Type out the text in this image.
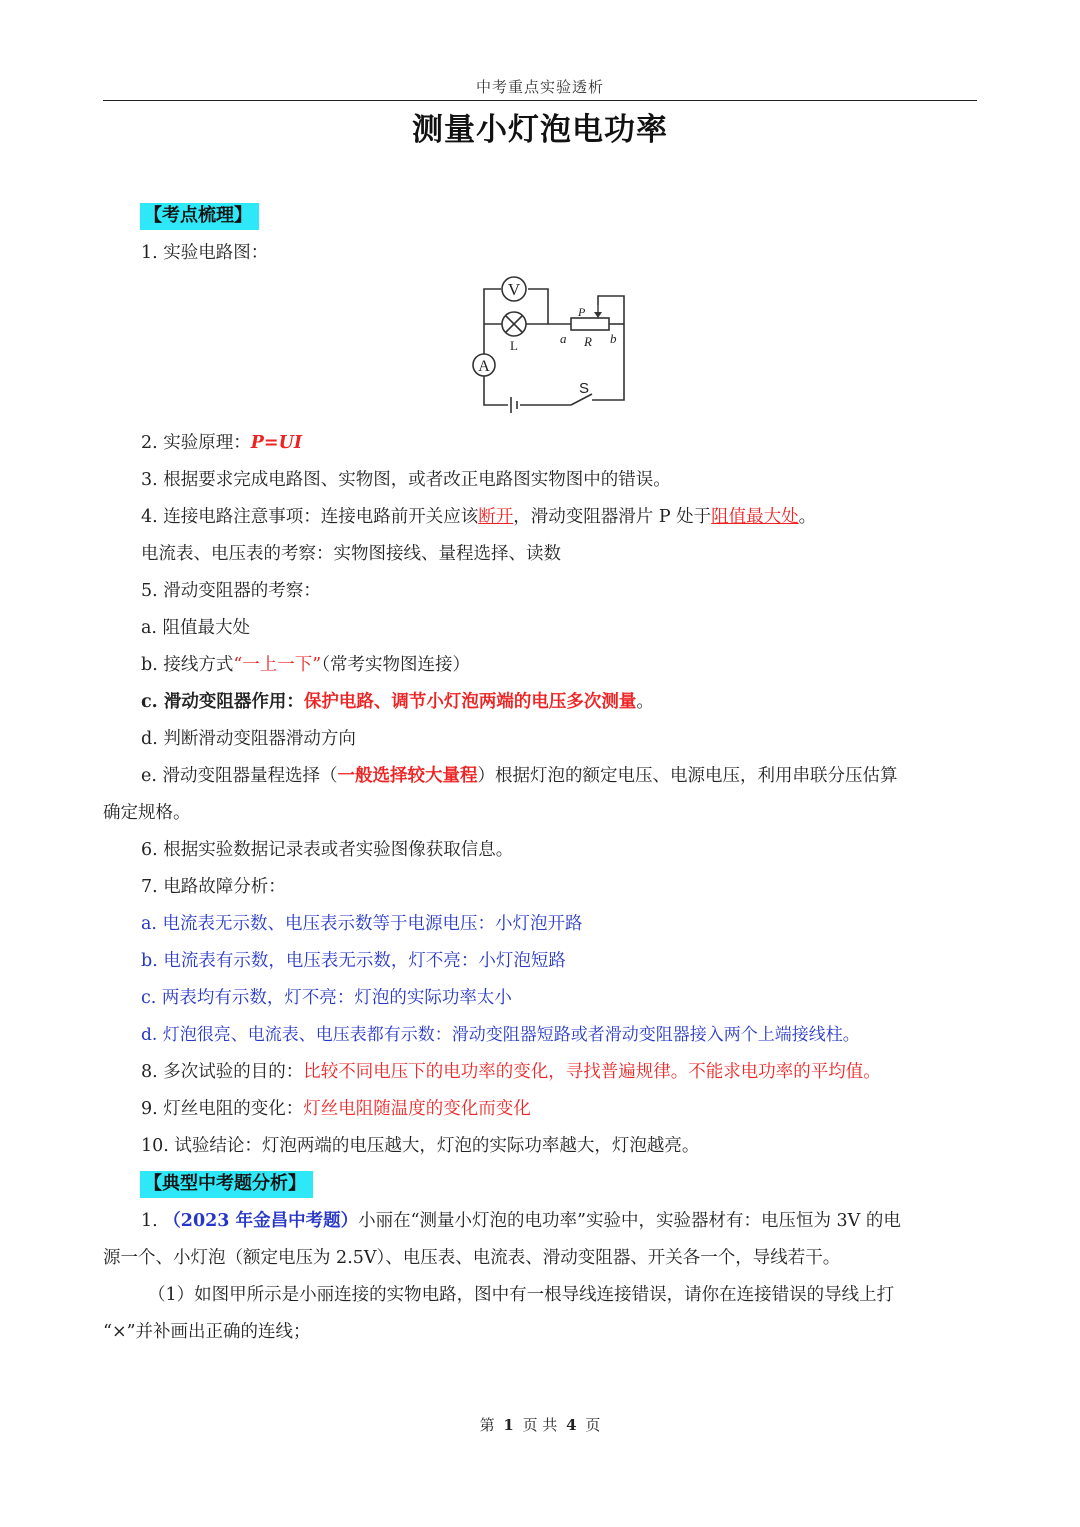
中考重点实验透析
测量小灯泡电功率
【考点梳理】
1. 实验电路图：
V
L
A
P
a R b
S
2. 实验原理：P=UI
3. 根据要求完成电路图、实物图，或者改正电路图实物图中的错误。
4. 连接电路注意事项：连接电路前开关应该断开，滑动变阻器滑片 P 处于阻值最大处。
电流表、电压表的考察：实物图接线、量程选择、读数
5. 滑动变阻器的考察：
a. 阻值最大处
b. 接线方式“一上一下”（常考实物图连接）
c. 滑动变阻器作用：保护电路、调节小灯泡两端的电压多次测量。
d. 判断滑动变阻器滑动方向
e. 滑动变阻器量程选择（一般选择较大量程）根据灯泡的额定电压、电源电压，利用串联分压估算
确定规格。
6. 根据实验数据记录表或者实验图像获取信息。
7. 电路故障分析：
a. 电流表无示数、电压表示数等于电源电压：小灯泡开路
b. 电流表有示数，电压表无示数，灯不亮：小灯泡短路
c. 两表均有示数，灯不亮：灯泡的实际功率太小
d. 灯泡很亮、电流表、电压表都有示数：滑动变阻器短路或者滑动变阻器接入两个上端接线柱。
8. 多次试验的目的：比较不同电压下的电功率的变化，寻找普遍规律。不能求电功率的平均值。
9. 灯丝电阻的变化：灯丝电阻随温度的变化而变化
10. 试验结论：灯泡两端的电压越大，灯泡的实际功率越大，灯泡越亮。
【典型中考题分析】
1. （2023 年金昌中考题）小丽在“测量小灯泡的电功率”实验中，实验器材有：电压恒为 3V 的电
源一个、小灯泡（额定电压为 2.5V）、电压表、电流表、滑动变阻器、开关各一个，导线若干。
（1）如图甲所示是小丽连接的实物电路，图中有一根导线连接错误，请你在连接错误的导线上打
“×”并补画出正确的连线；
第 1 页 共 4 页
